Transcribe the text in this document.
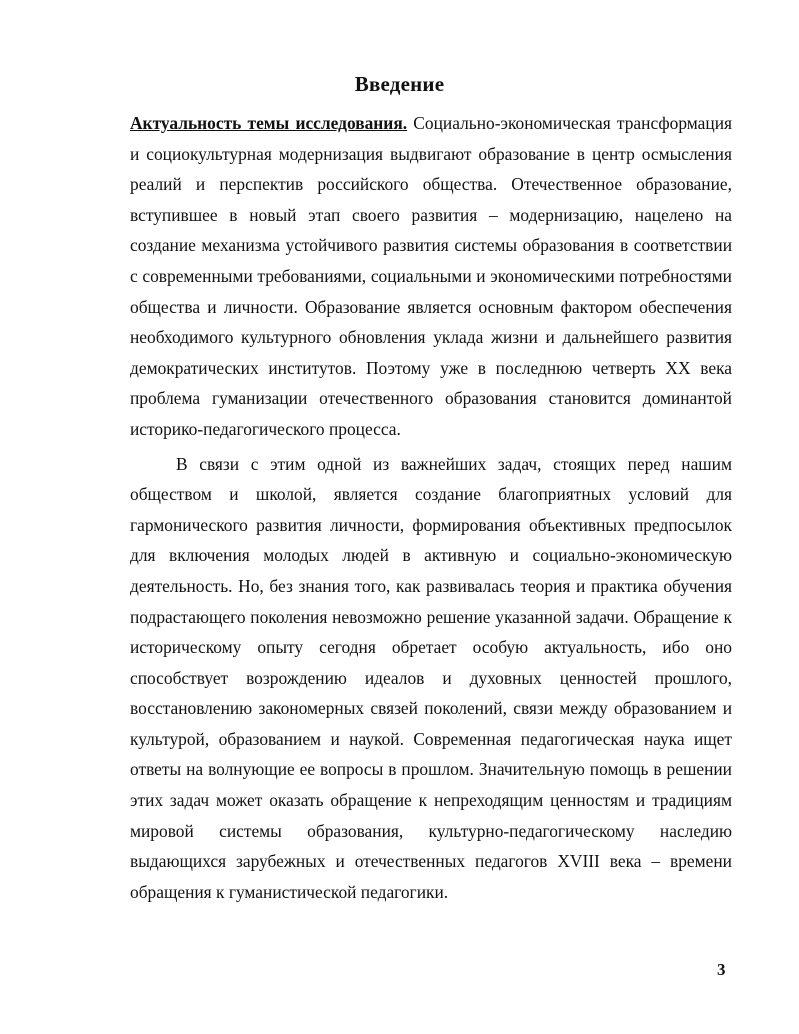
Введение

Актуальность темы исследования. Социально-экономическая трансформация и социокультурная модернизация выдвигают образование в центр осмысления реалий и перспектив российского общества. Отечественное образование, вступившее в новый этап своего развития – модернизацию, нацелено на создание механизма устойчивого развития системы образования в соответствии с современными требованиями, социальными и экономическими потребностями общества и личности. Образование является основным фактором обеспечения необходимого культурного обновления уклада жизни и дальнейшего развития демократических институтов. Поэтому уже в последнюю четверть XX века проблема гуманизации отечественного образования становится доминантой историко-педагогического процесса.

В связи с этим одной из важнейших задач, стоящих перед нашим обществом и школой, является создание благоприятных условий для гармонического развития личности, формирования объективных предпосылок для включения молодых людей в активную и социально-экономическую деятельность. Но, без знания того, как развивалась теория и практика обучения подрастающего поколения невозможно решение указанной задачи. Обращение к историческому опыту сегодня обретает особую актуальность, ибо оно способствует возрождению идеалов и духовных ценностей прошлого, восстановлению закономерных связей поколений, связи между образованием и культурой, образованием и наукой. Современная педагогическая наука ищет ответы на волнующие ее вопросы в прошлом. Значительную помощь в решении этих задач может оказать обращение к непреходящим ценностям и традициям мировой системы образования, культурно-педагогическому наследию выдающихся зарубежных и отечественных педагогов XVIII века – времени обращения к гуманистической педагогики.

3
